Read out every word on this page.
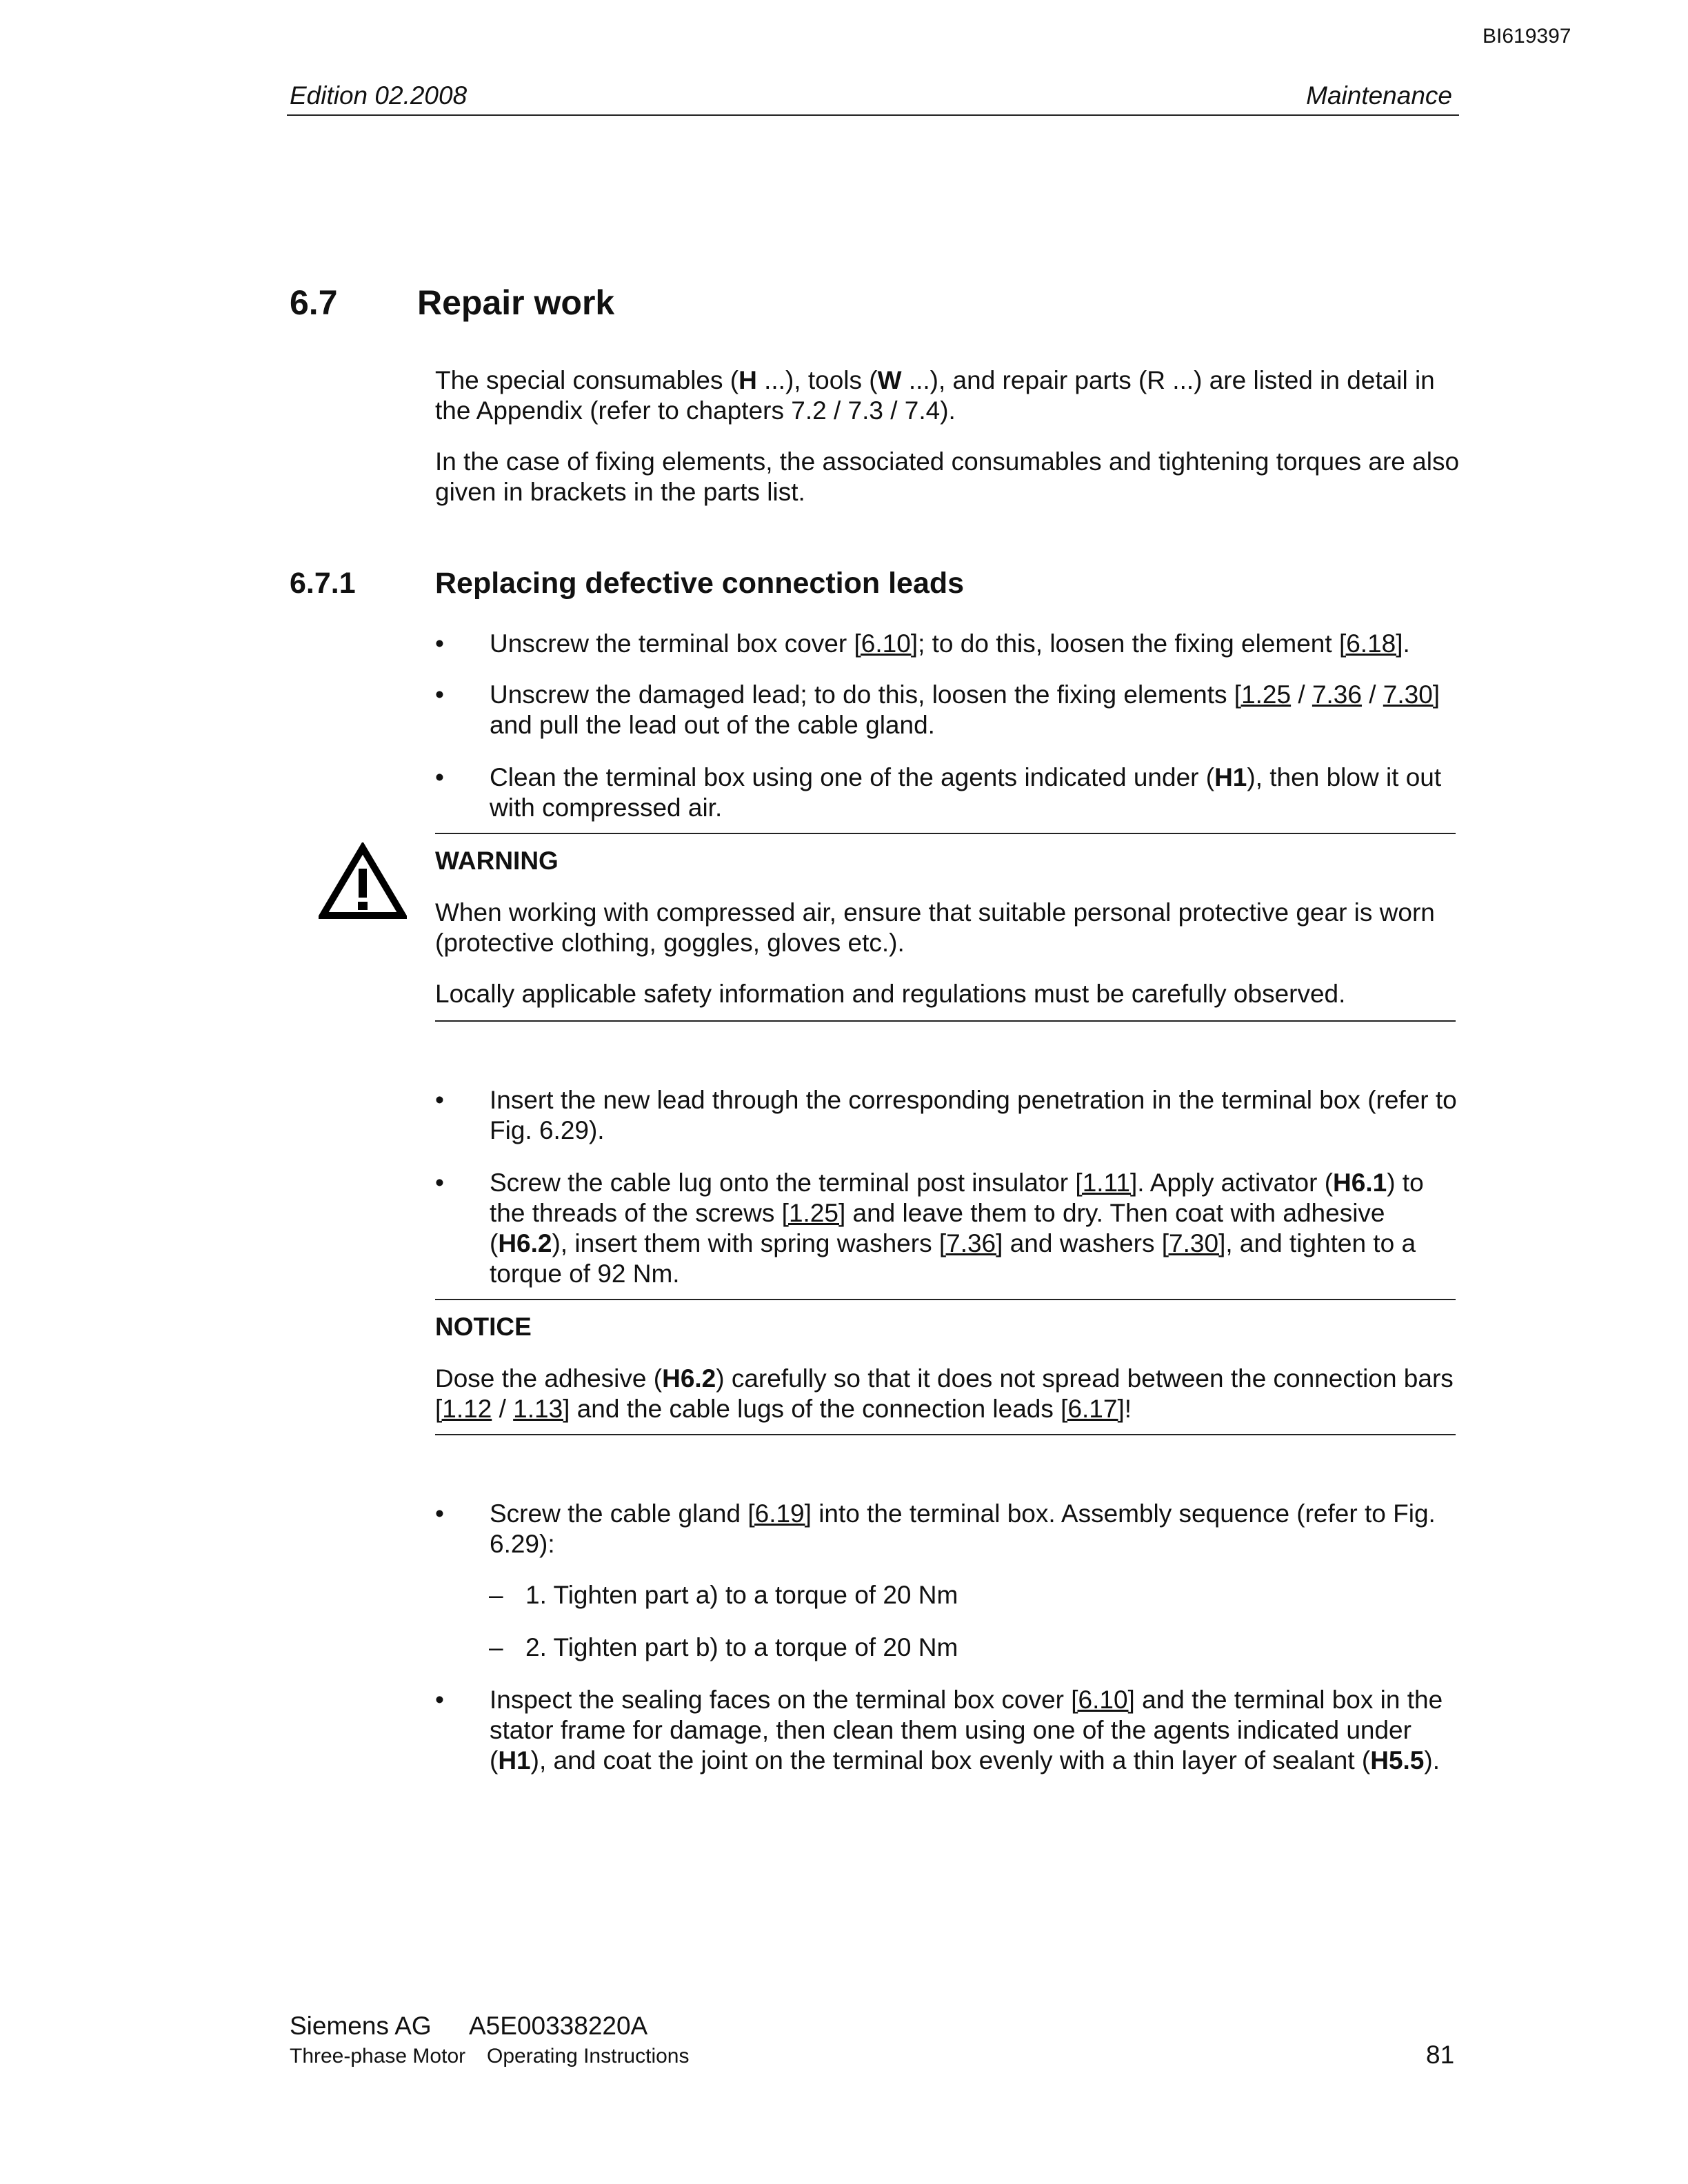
BI619397
Edition 02.2008	Maintenance
6.7 Repair work
The special consumables (H ...), tools (W ...), and repair parts (R ...) are listed in detail in the Appendix (refer to chapters 7.2 / 7.3 / 7.4).
In the case of fixing elements, the associated consumables and tightening torques are also given in brackets in the parts list.
6.7.1	Replacing defective connection leads
• Unscrew the terminal box cover [6.10]; to do this, loosen the fixing element [6.18].
• Unscrew the damaged lead; to do this, loosen the fixing elements [1.25 / 7.36 / 7.30] and pull the lead out of the cable gland.
• Clean the terminal box using one of the agents indicated under (H1), then blow it out with compressed air.
WARNING
When working with compressed air, ensure that suitable personal protective gear is worn (protective clothing, goggles, gloves etc.).
Locally applicable safety information and regulations must be carefully observed.
• Insert the new lead through the corresponding penetration in the terminal box (refer to Fig. 6.29).
• Screw the cable lug onto the terminal post insulator [1.11]. Apply activator (H6.1) to the threads of the screws [1.25] and leave them to dry. Then coat with adhesive (H6.2), insert them with spring washers [7.36] and washers [7.30], and tighten to a torque of 92 Nm.
NOTICE
Dose the adhesive (H6.2) carefully so that it does not spread between the connection bars [1.12 / 1.13] and the cable lugs of the connection leads [6.17]!
• Screw the cable gland [6.19] into the terminal box. Assembly sequence (refer to Fig. 6.29):
– 1. Tighten part a) to a torque of 20 Nm
– 2. Tighten part b) to a torque of 20 Nm
• Inspect the sealing faces on the terminal box cover [6.10] and the terminal box in the stator frame for damage, then clean them using one of the agents indicated under (H1), and coat the joint on the terminal box evenly with a thin layer of sealant (H5.5).
Siemens AG A5E00338220A
Three-phase Motor Operating Instructions	81
